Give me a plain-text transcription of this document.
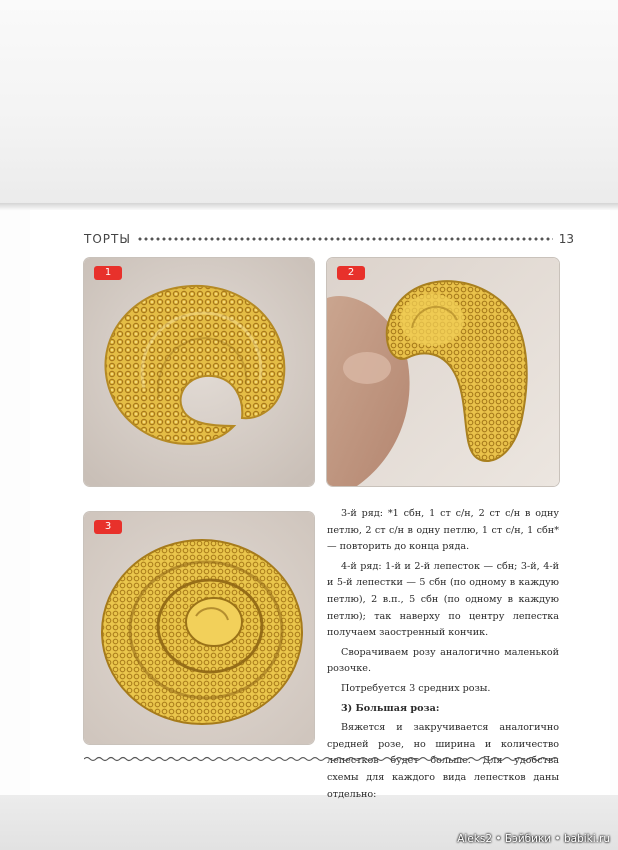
ТОРТЫ	13
1	2
3

3-й ряд: *1 сбн, 1 ст с/н, 2 ст с/н в одну петлю, 2 ст с/н в одну петлю, 1 ст с/н, 1 сбн* — повторить до конца ряда.

4-й ряд: 1-й и 2-й лепесток — сбн; 3-й, 4-й и 5-й лепестки — 5 сбн (по одному в каждую петлю), 2 в.п., 5 сбн (по одному в каждую петлю); так наверху по центру лепестка получаем заостренный кончик.

Сворачиваем розу аналогично маленькой розочке.

Потребуется 3 средних розы.

3) Большая роза:

Вяжется и закручивается аналогично средней розе, но ширина и количество лепестков будет больше. Для удобства схемы для каждого вида лепестков даны отдельно:

Aleks2 • Бэйбики • babiki.ru
